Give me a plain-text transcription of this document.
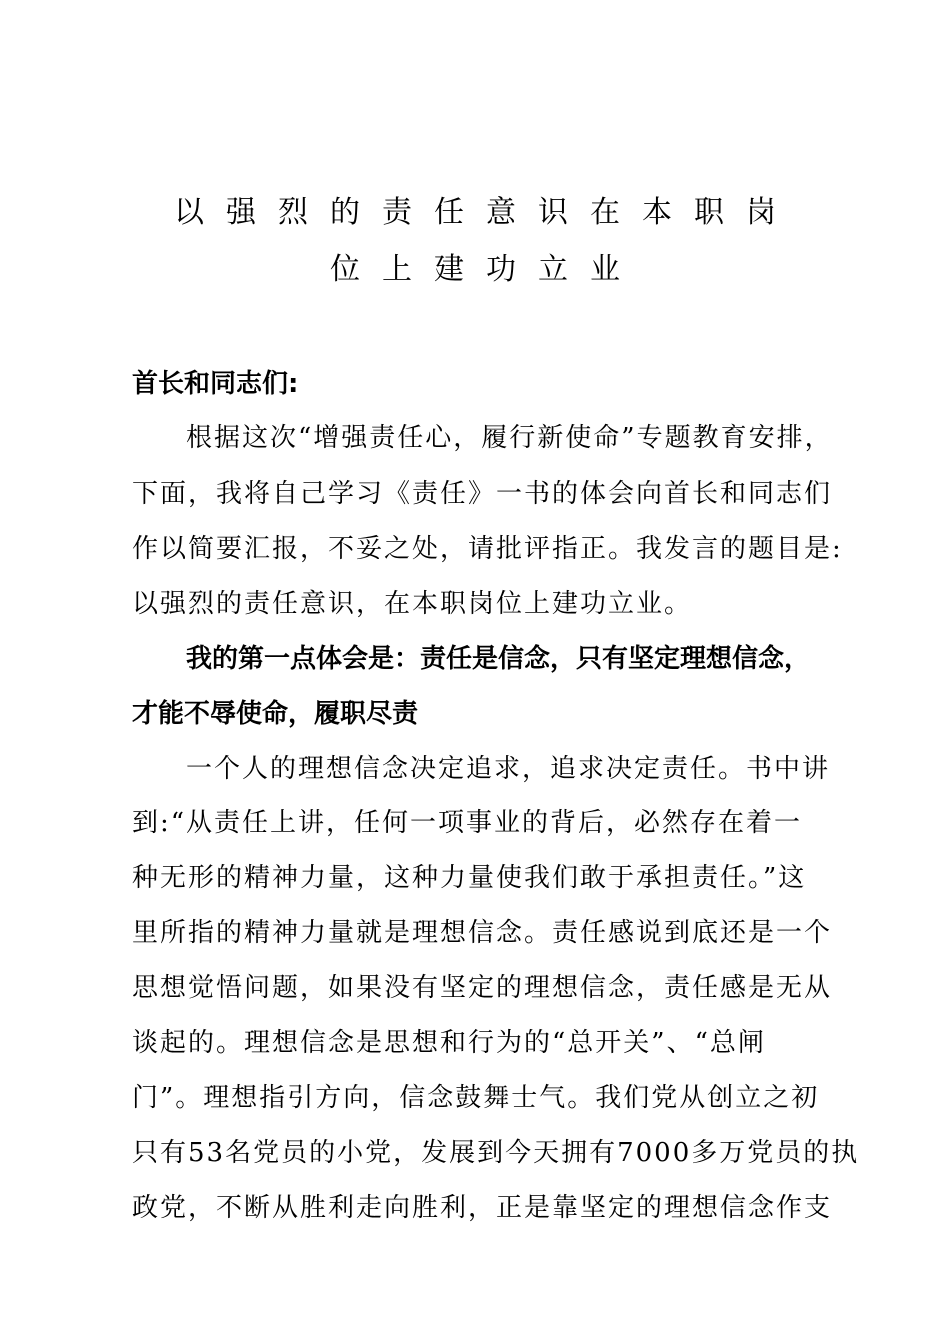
以强烈的责任意识在本职岗
位上建功立业
首长和同志们:
根据这次“增强责任心，履行新使命”专题教育安排，
下面，我将自己学习《责任》一书的体会向首长和同志们
作以简要汇报，不妥之处，请批评指正。我发言的题目是:
以强烈的责任意识，在本职岗位上建功立业。
我的第一点体会是：责任是信念，只有坚定理想信念，
才能不辱使命，履职尽责
一个人的理想信念决定追求，追求决定责任。书中讲
到:“从责任上讲，任何一项事业的背后，必然存在着一
种无形的精神力量，这种力量使我们敢于承担责任。”这
里所指的精神力量就是理想信念。责任感说到底还是一个
思想觉悟问题，如果没有坚定的理想信念，责任感是无从
谈起的。理想信念是思想和行为的“总开关”、“总闸
门”。理想指引方向，信念鼓舞士气。我们党从创立之初
只有53名党员的小党，发展到今天拥有7000多万党员的执
政党，不断从胜利走向胜利，正是靠坚定的理想信念作支
